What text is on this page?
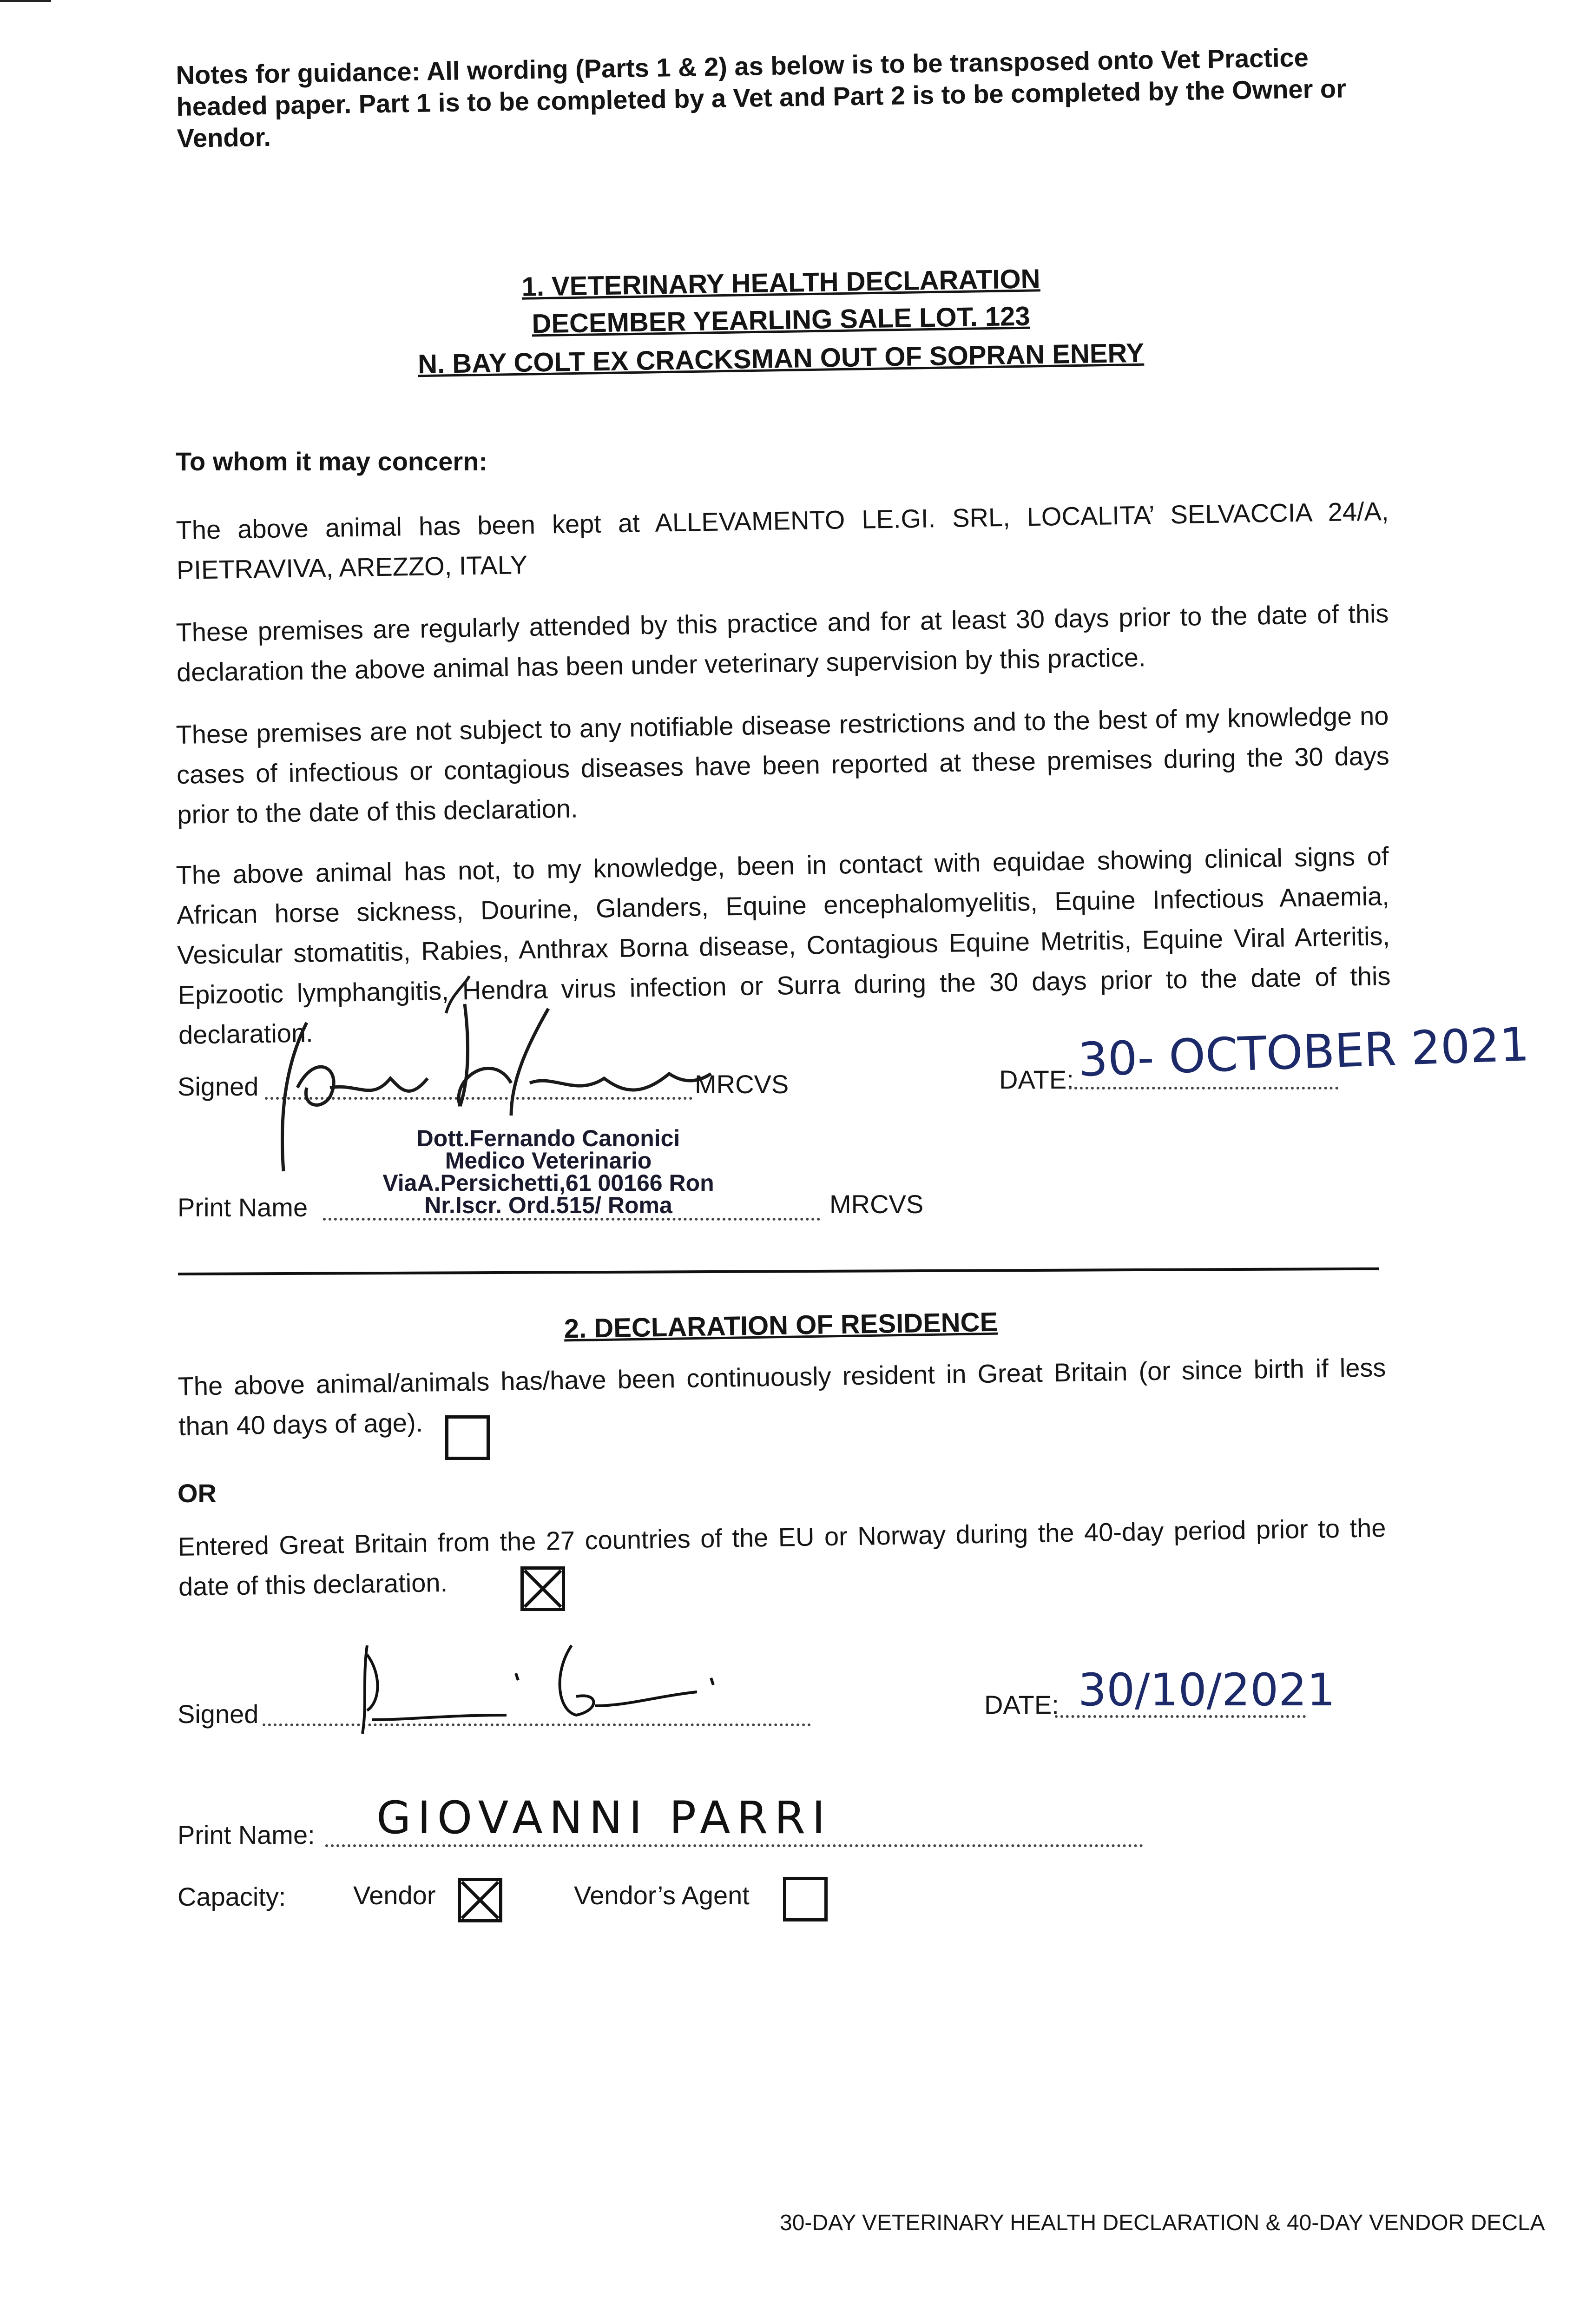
Notes for guidance: All wording (Parts 1 & 2) as below is to be transposed onto Vet Practice headed paper. Part 1 is to be completed by a Vet and Part 2 is to be completed by the Owner or Vendor.
1. VETERINARY HEALTH DECLARATION
DECEMBER YEARLING SALE LOT. 123
N. BAY COLT EX CRACKSMAN OUT OF SOPRAN ENERY
To whom it may concern:
The above animal has been kept at ALLEVAMENTO LE.GI. SRL, LOCALITA’ SELVACCIA 24/A, PIETRAVIVA, AREZZO, ITALY
These premises are regularly attended by this practice and for at least 30 days prior to the date of this declaration the above animal has been under veterinary supervision by this practice.
These premises are not subject to any notifiable disease restrictions and to the best of my knowledge no cases of infectious or contagious diseases have been reported at these premises during the 30 days prior to the date of this declaration.
The above animal has not, to my knowledge, been in contact with equidae showing clinical signs of African horse sickness, Dourine, Glanders, Equine encephalomyelitis, Equine Infectious Anaemia, Vesicular stomatitis, Rabies, Anthrax Borna disease, Contagious Equine Metritis, Equine Viral Arteritis, Epizootic lymphangitis, Hendra virus infection or Surra during the 30 days prior to the date of this declaration.
Signed	MRCVS	DATE: 30- OCTOBER 2021
Dott.Fernando Canonici
Medico Veterinario
ViaA.Persichetti,61 00166 Ron
Nr.Iscr. Ord.515/ Roma
Print Name	MRCVS
2. DECLARATION OF RESIDENCE
The above animal/animals has/have been continuously resident in Great Britain (or since birth if less than 40 days of age).
OR
Entered Great Britain from the 27 countries of the EU or Norway during the 40-day period prior to the date of this declaration.
Signed	DATE: 30/10/2021
Print Name: GIOVANNI PARRI
Capacity:	Vendor	Vendor’s Agent
30-DAY VETERINARY HEALTH DECLARATION & 40-DAY VENDOR DECLA
